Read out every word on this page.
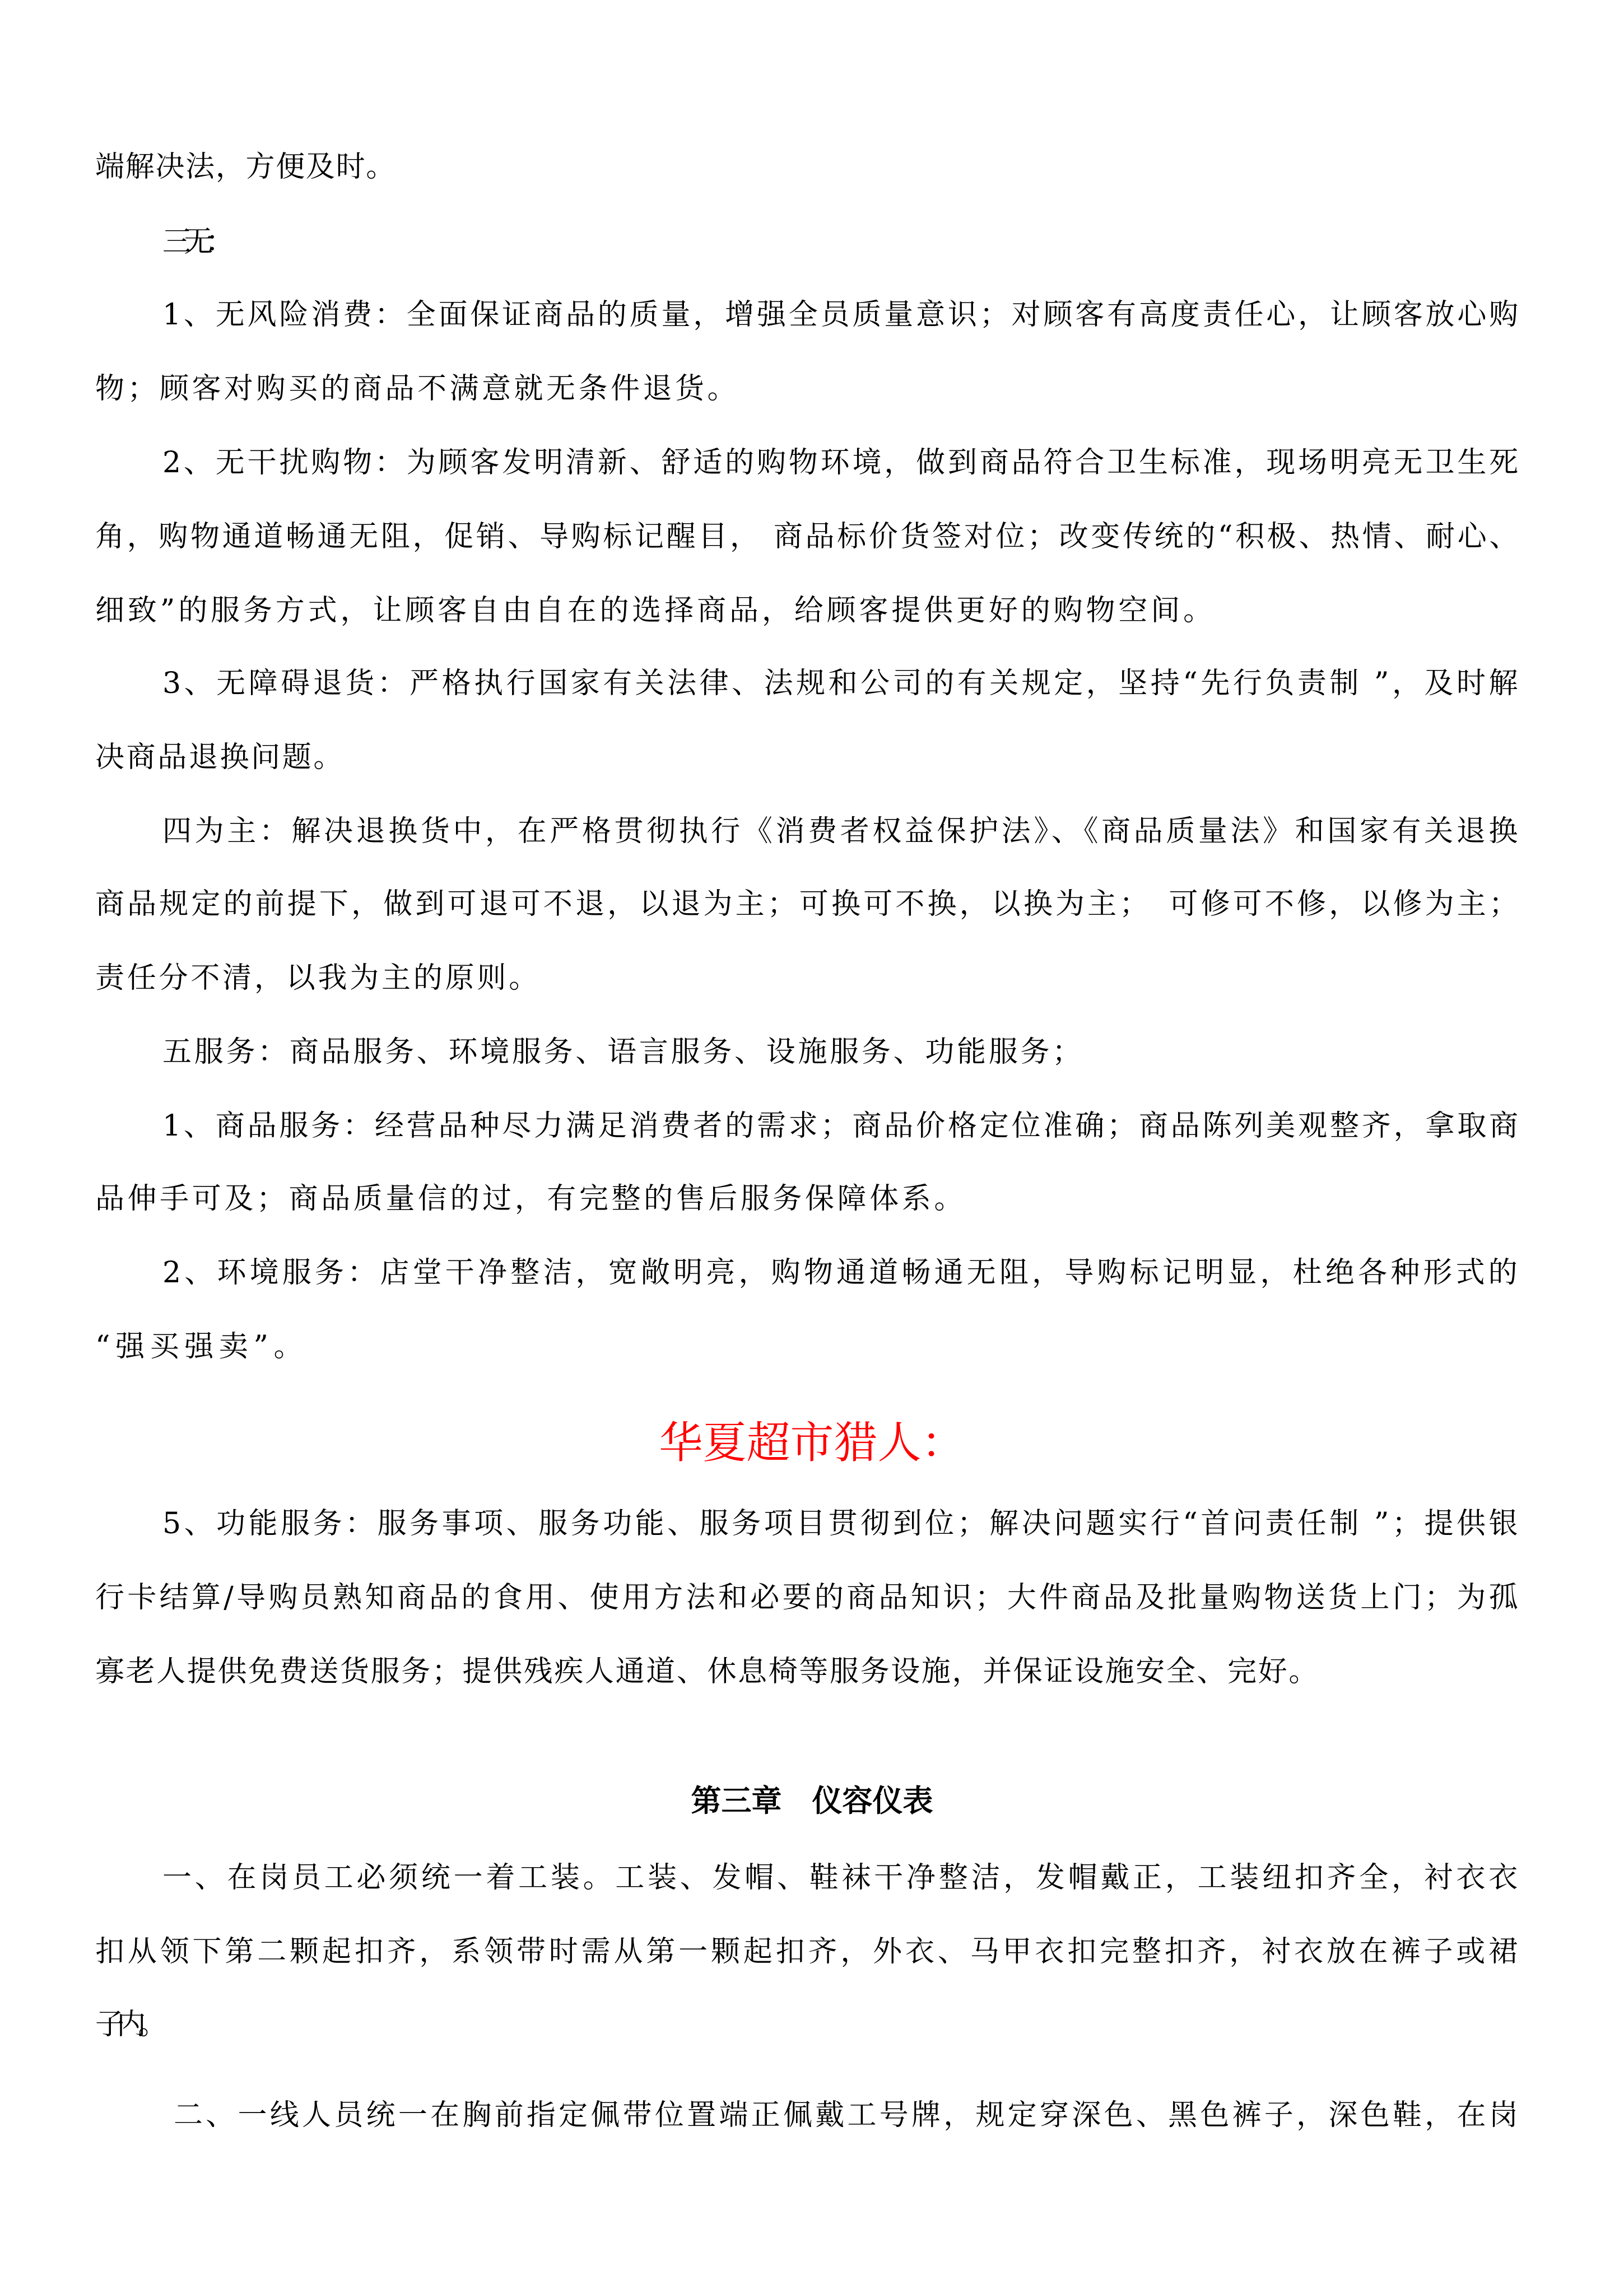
端解决法，方便及时。
三无：
1、无风险消费：全面保证商品的质量，增强全员质量意识；对顾客有高度责任心，让顾客放心购
物；顾客对购买的商品不满意就无条件退货。
2、无干扰购物：为顾客发明清新、舒适的购物环境，做到商品符合卫生标准，现场明亮无卫生死
角，购物通道畅通无阻，促销、导购标记醒目， 商品标价货签对位；改变传统的“积极、热情、耐心、
细致”的服务方式，让顾客自由自在的选择商品，给顾客提供更好的购物空间。
3、无障碍退货：严格执行国家有关法律、法规和公司的有关规定，坚持“先行负责制 ”，及时解
决商品退换问题。
四为主：解决退换货中，在严格贯彻执行《消费者权益保护法》、《商品质量法》和国家有关退换
商品规定的前提下，做到可退可不退，以退为主；可换可不换，以换为主；　可修可不修，以修为主；
责任分不清，以我为主的原则。
五服务：商品服务、环境服务、语言服务、设施服务、功能服务；
1、商品服务：经营品种尽力满足消费者的需求；商品价格定位准确；商品陈列美观整齐，拿取商
品伸手可及；商品质量信的过，有完整的售后服务保障体系。
2、环境服务：店堂干净整洁，宽敞明亮，购物通道畅通无阻，导购标记明显，杜绝各种形式的
“强买强卖”。
华夏超市猎人：
5、功能服务：服务事项、服务功能、服务项目贯彻到位；解决问题实行“首问责任制 ”；提供银
行卡结算/导购员熟知商品的食用、使用方法和必要的商品知识；大件商品及批量购物送货上门；为孤
寡老人提供免费送货服务；提供残疾人通道、休息椅等服务设施，并保证设施安全、完好。
第三章　仪容仪表
一、在岗员工必须统一着工装。工装、发帽、鞋袜干净整洁，发帽戴正，工装纽扣齐全，衬衣衣
扣从领下第二颗起扣齐，系领带时需从第一颗起扣齐，外衣、马甲衣扣完整扣齐，衬衣放在裤子或裙
子内。
二、一线人员统一在胸前指定佩带位置端正佩戴工号牌，规定穿深色、黑色裤子，深色鞋，在岗
